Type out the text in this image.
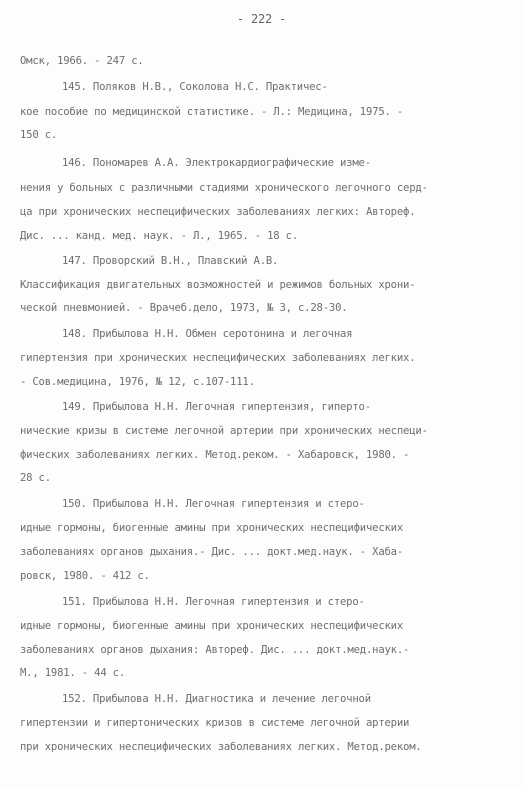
- 222 -
Омск, 1966. - 247 с.
145. Поляков Н.В., Соколова Н.С. Практичес-
кое пособие по медицинской статистике. - Л.: Медицина, 1975. -
150 с.
146. Пономарев А.А. Электрокардиографические изме-
нения у больных с различными стадиями хронического легочного серд-
ца при хронических неспецифических заболеваниях легких: Автореф.
Дис. ... канд. мед. наук. - Л., 1965. - 18 с.
147. Проворский В.Н., Плавский А.В.
Классификация двигательных возможностей и режимов больных хрони-
ческой пневмонией. - Врачеб.дело, 1973, № 3, с.28-30.
148. Прибылова Н.Н. Обмен серотонина и легочная
гипертензия при хронических неспецифических заболеваниях легких.
- Сов.медицина, 1976, № 12, с.107-111.
149. Прибылова Н.Н. Легочная гипертензия, гиперто-
нические кризы в системе легочной артерии при хронических неспеци-
фических заболеваниях легких. Метод.реком. - Хабаровск, 1980. -
28 с.
150. Прибылова Н.Н. Легочная гипертензия и стеро-
идные гормоны, биогенные амины при хронических неспецифических
заболеваниях органов дыхания.- Дис. ... докт.мед.наук. - Хаба-
ровск, 1980. - 412 с.
151. Прибылова Н.Н. Легочная гипертензия и стеро-
идные гормоны, биогенные амины при хронических неспецифических
заболеваниях органов дыхания: Автореф. Дис. ... докт.мед.наук.-
М., 1981. - 44 с.
152. Прибылова Н.Н. Диагностика и лечение легочной
гипертензии и гипертонических кризов в системе легочной артерии
при хронических неспецифических заболеваниях легких. Метод.реком.
